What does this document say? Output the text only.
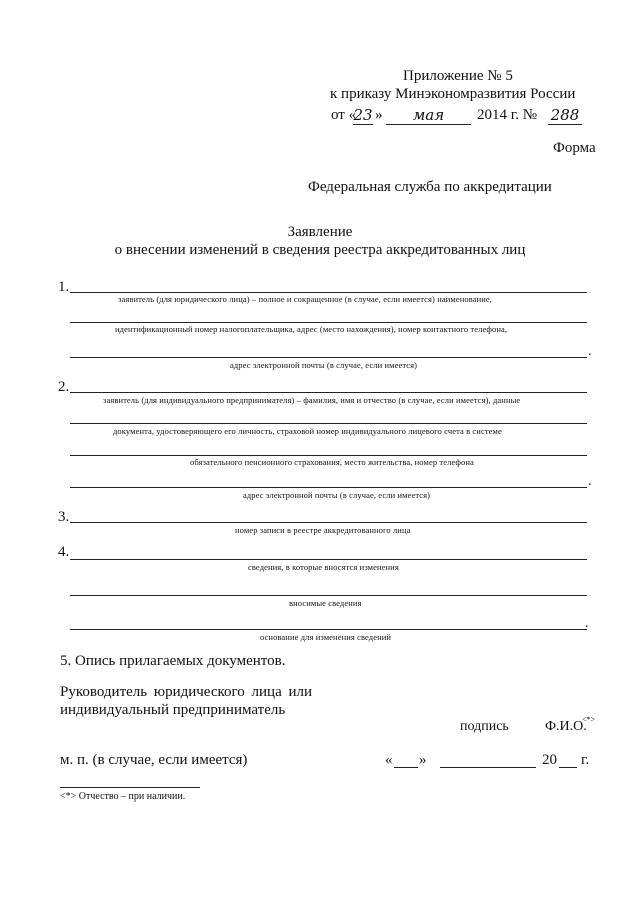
Приложение № 5
к приказу Минэкономразвития России
от «
23 »	мая	2014 г. № 288
Форма
Федеральная служба по аккредитации
Заявление
о внесении изменений в сведения реестра аккредитованных лиц
1.
заявитель (для юридического лица) – полное и сокращенное (в случае, если имеется) наименование,
идентификационный номер налогоплательщика, адрес (место нахождения), номер контактного телефона,
.
адрес электронной почты (в случае, если имеется)
2.
заявитель (для индивидуального предпринимателя) – фамилия, имя и отчество (в случае, если имеется), данные
документа, удостоверяющего его личность, страховой номер индивидуального лицевого счета в системе
обязательного пенсионного страхования, место жительства, номер телефона
.
адрес электронной почты (в случае, если имеется)
3.
номер записи в реестре аккредитованного лица
4.
сведения, в которые вносятся изменения
вносимые сведения
.
основание для изменения сведений
5. Опись прилагаемых документов.
Руководитель юридического лица или
индивидуальный предприниматель
подпись	Ф.И.О.
<*>
м. п. (в случае, если имеется)	« »	20 г.
<*> Отчество – при наличии.
